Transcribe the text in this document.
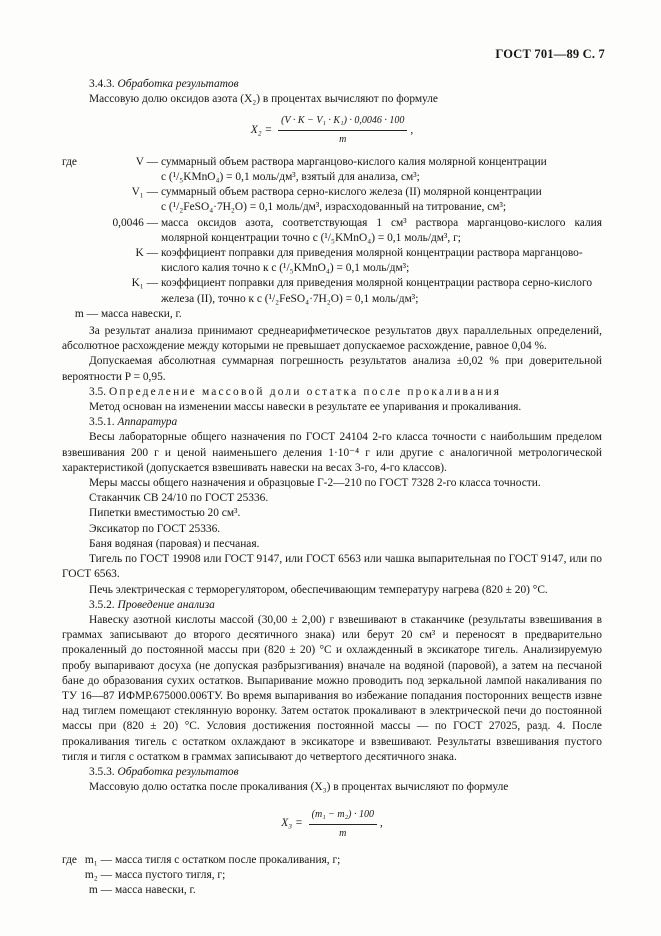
ГОСТ 701—89 С. 7

3.4.3. Обработка результатов

Массовую долю оксидов азота (X₂) в процентах вычисляют по формуле

$X_2 = \frac{\text{(V · K − V₁ · K₁) · 0,0046 · 100}}{m}$ ,
где	V — суммарный объем раствора марганцово-кислого калия молярной концентрации
c (¹/₅KMnO₄) = 0,1 моль/дм³, взятый для анализа, см³;
V₁ — суммарный объем раствора серно-кислого железа (II) молярной концентрации
c (¹/₂FeSO₄·7H₂O) = 0,1 моль/дм³, израсходованный на титрование, см³;
0,0046 — масса оксидов азота, соответствующая 1 см³ раствора марганцово-кислого калия молярной концентрации точно c (¹/₅KMnO₄) = 0,1 моль/дм³, г;
K — коэффициент поправки для приведения молярной концентрации раствора марганцово-
кислого калия точно к c (¹/₅KMnO₄) = 0,1 моль/дм³;
K₁ — коэффициент поправки для приведения молярной концентрации раствора серно-кислого
железа (II), точно к c (¹/₂FeSO₄·7H₂O) = 0,1 моль/дм³;
m — масса навески, г.

За результат анализа принимают среднеарифметическое результатов двух параллельных определений, абсолютное расхождение между которыми не превышает допускаемое расхождение, равное 0,04 %.

Допускаемая абсолютная суммарная погрешность результатов анализа ±0,02 % при доверительной вероятности P = 0,95.

3.5. Определение массовой доли остатка после прокаливания

Метод основан на изменении массы навески в результате ее упаривания и прокаливания.

3.5.1. Аппаратура

Весы лабораторные общего назначения по ГОСТ 24104 2-го класса точности с наибольшим пределом взвешивания 200 г и ценой наименьшего деления 1·10⁻⁴ г или другие с аналогичной метрологической характеристикой (допускается взвешивать навески на весах 3-го, 4-го классов).

Меры массы общего назначения и образцовые Г-2—210 по ГОСТ 7328 2-го класса точности.

Стаканчик СВ 24/10 по ГОСТ 25336.

Пипетки вместимостью 20 см³.

Эксикатор по ГОСТ 25336.

Баня водяная (паровая) и песчаная.

Тигель по ГОСТ 19908 или ГОСТ 9147, или ГОСТ 6563 или чашка выпарительная по ГОСТ 9147, или по ГОСТ 6563.

Печь электрическая с терморегулятором, обеспечивающим температуру нагрева (820 ± 20) °С.

3.5.2. Проведение анализа

Навеску азотной кислоты массой (30,00 ± 2,00) г взвешивают в стаканчике (результаты взвешивания в граммах записывают до второго десятичного знака) или берут 20 см³ и переносят в предварительно прокаленный до постоянной массы при (820 ± 20) °С и охлажденный в эксикаторе тигель. Анализируемую пробу выпаривают досуха (не допуская разбрызгивания) вначале на водяной (паровой), а затем на песчаной бане до образования сухих остатков. Выпаривание можно проводить под зеркальной лампой накаливания по ТУ 16—87 ИФМР.675000.006ТУ. Во время выпаривания во избежание попадания посторонних веществ извне над тиглем помещают стеклянную воронку. Затем остаток прокаливают в электрической печи до постоянной массы при (820 ± 20) °С. Условия достижения постоянной массы — по ГОСТ 27025, разд. 4. После прокаливания тигель с остатком охлаждают в эксикаторе и взвешивают. Результаты взвешивания пустого тигля и тигля с остатком в граммах записывают до четвертого десятичного знака.

3.5.3. Обработка результатов

Массовую долю остатка после прокаливания (X₃) в процентах вычисляют по формуле

$X_3 = \frac{\text{(m₁ − m₂) · 100}}{m}$ ,
где m₁ — масса тигля с остатком после прокаливания, г;
m₂ — масса пустого тигля, г;
m — масса навески, г.
